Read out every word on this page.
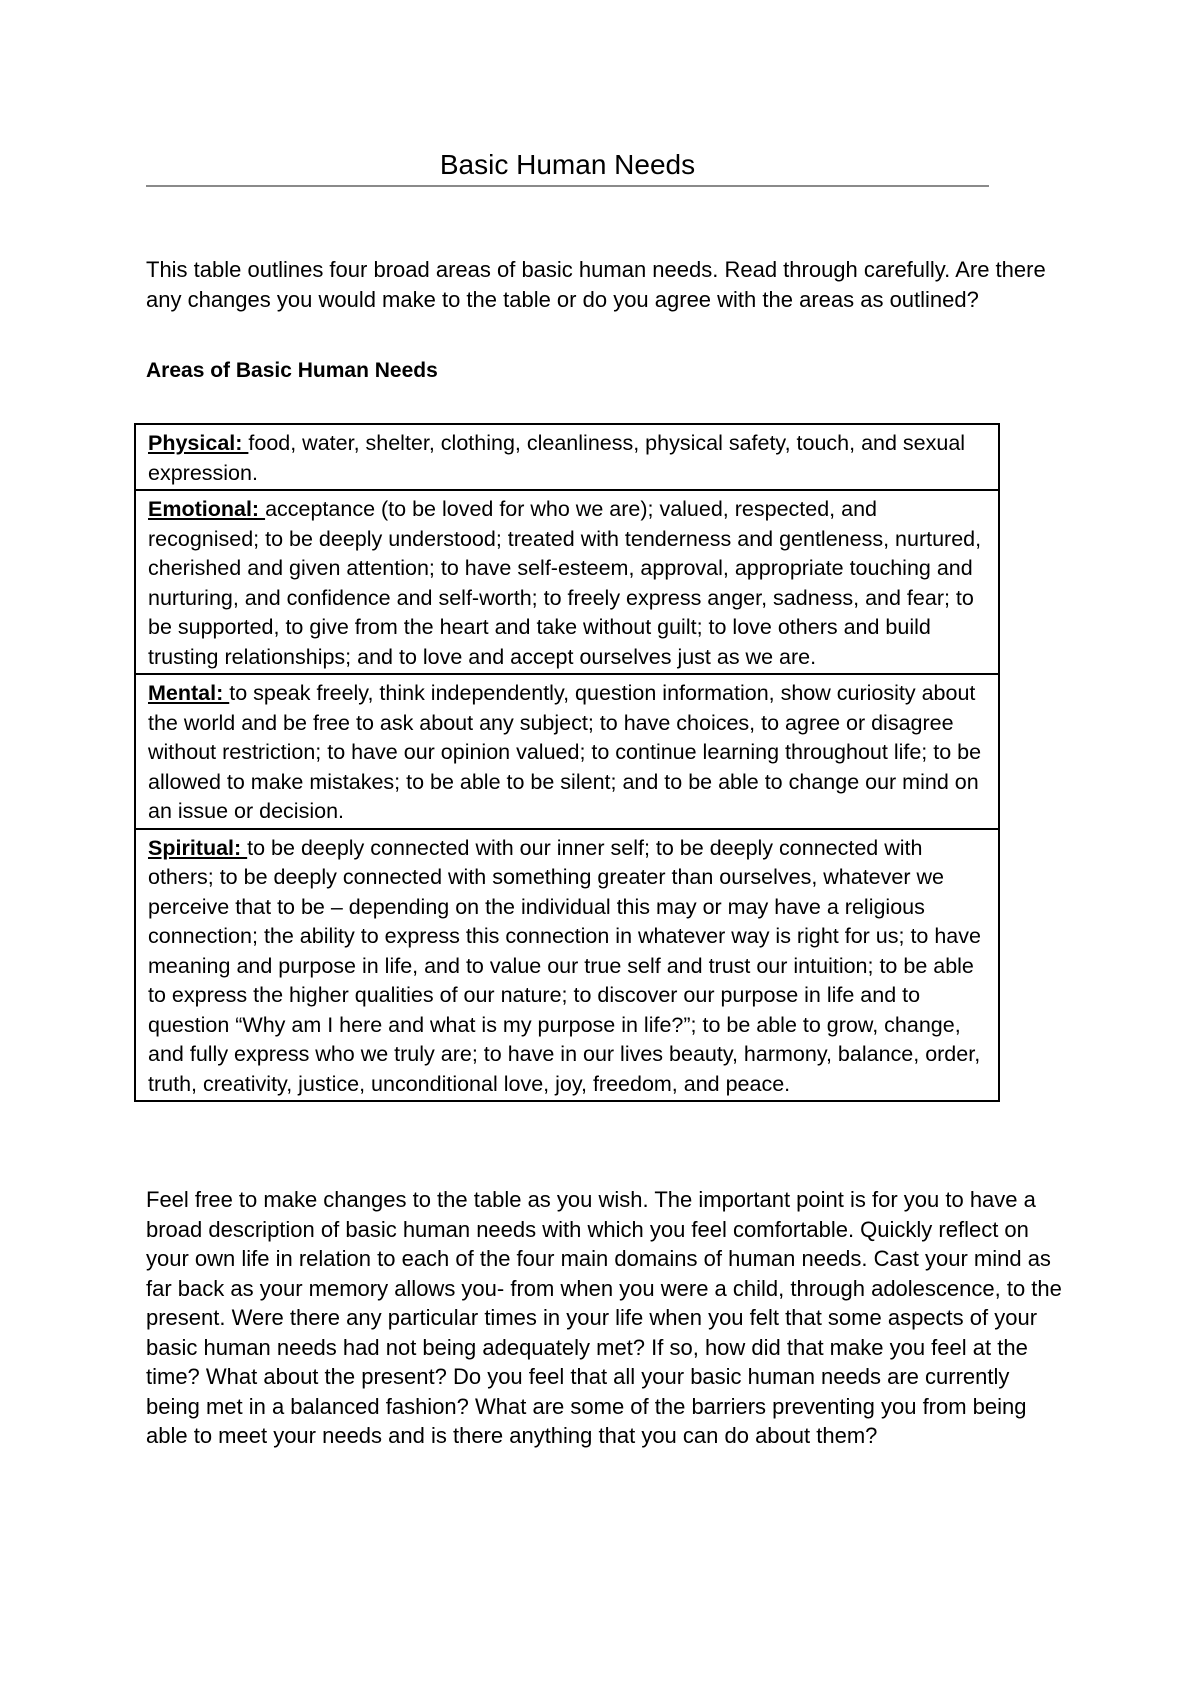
Basic Human Needs

This table outlines four broad areas of basic human needs. Read through carefully. Are there any changes you would make to the table or do you agree with the areas as outlined?

Areas of Basic Human Needs

Physical: food, water, shelter, clothing, cleanliness, physical safety, touch, and sexual expression.
Emotional: acceptance (to be loved for who we are); valued, respected, and recognised; to be deeply understood; treated with tenderness and gentleness, nurtured, cherished and given attention; to have self-esteem, approval, appropriate touching and nurturing, and confidence and self-worth; to freely express anger, sadness, and fear; to be supported, to give from the heart and take without guilt; to love others and build trusting relationships; and to love and accept ourselves just as we are.
Mental: to speak freely, think independently, question information, show curiosity about the world and be free to ask about any subject; to have choices, to agree or disagree without restriction; to have our opinion valued; to continue learning throughout life; to be allowed to make mistakes; to be able to be silent; and to be able to change our mind on an issue or decision.
Spiritual: to be deeply connected with our inner self; to be deeply connected with others; to be deeply connected with something greater than ourselves, whatever we perceive that to be – depending on the individual this may or may have a religious connection; the ability to express this connection in whatever way is right for us; to have meaning and purpose in life, and to value our true self and trust our intuition; to be able to express the higher qualities of our nature; to discover our purpose in life and to question “Why am I here and what is my purpose in life?”; to be able to grow, change, and fully express who we truly are; to have in our lives beauty, harmony, balance, order, truth, creativity, justice, unconditional love, joy, freedom, and peace.

Feel free to make changes to the table as you wish. The important point is for you to have a broad description of basic human needs with which you feel comfortable. Quickly reflect on your own life in relation to each of the four main domains of human needs. Cast your mind as far back as your memory allows you- from when you were a child, through adolescence, to the present. Were there any particular times in your life when you felt that some aspects of your basic human needs had not being adequately met? If so, how did that make you feel at the time? What about the present? Do you feel that all your basic human needs are currently being met in a balanced fashion? What are some of the barriers preventing you from being able to meet your needs and is there anything that you can do about them?
